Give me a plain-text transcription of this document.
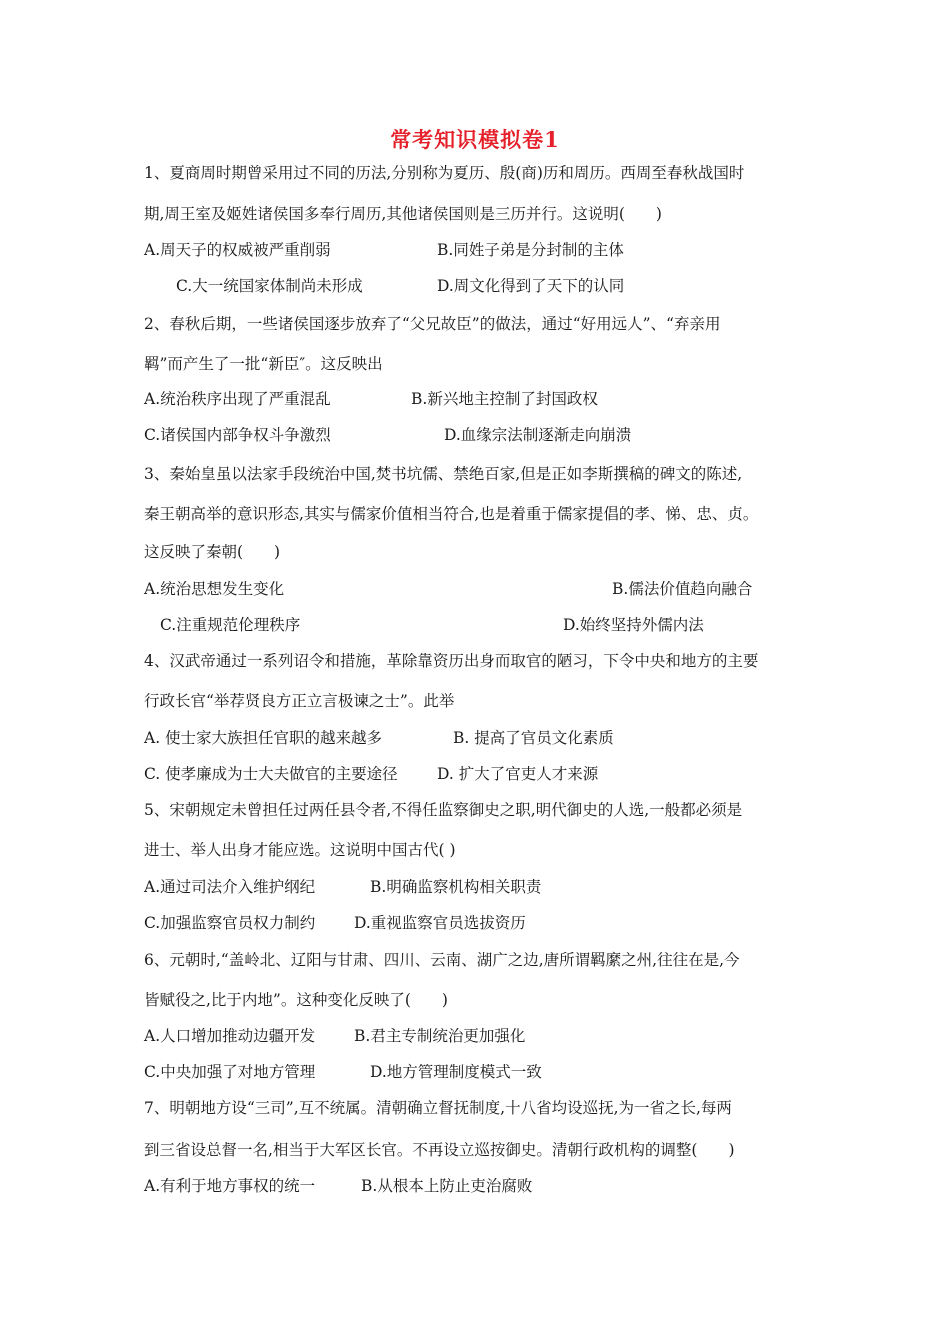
常考知识模拟卷1
1、夏商周时期曾采用过不同的历法,分别称为夏历、殷(商)历和周历。西周至春秋战国时
期,周王室及姬姓诸侯国多奉行周历,其他诸侯国则是三历并行。这说明(　　)
A.周天子的权威被严重削弱	B.同姓子弟是分封制的主体
C.大一统国家体制尚未形成	D.周文化得到了天下的认同
2、春秋后期，一些诸侯国逐步放弃了“父兄故臣”的做法，通过“好用远人”、“弃亲用
羁”而产生了一批“新臣″。这反映出
A.统治秩序出现了严重混乱	B.新兴地主控制了封国政权
C.诸侯国内部争权斗争激烈	D.血缘宗法制逐渐走向崩溃
3、秦始皇虽以法家手段统治中国,焚书坑儒、禁绝百家,但是正如李斯撰稿的碑文的陈述,
秦王朝高举的意识形态,其实与儒家价值相当符合,也是着重于儒家提倡的孝、悌、忠、贞。
这反映了秦朝(　　)
A.统治思想发生变化	B.儒法价值趋向融合
C.注重规范伦理秩序	D.始终坚持外儒内法
4、汉武帝通过一系列诏令和措施，革除靠资历出身而取官的陋习，下令中央和地方的主要
行政长官“举荐贤良方正立言极谏之士”。此举
A. 使士家大族担任官职的越来越多	B. 提高了官员文化素质
C. 使孝廉成为士大夫做官的主要途径	D. 扩大了官吏人才来源
5、宋朝规定未曾担任过两任县令者,不得任监察御史之职,明代御史的人选,一般都必须是
进士、举人出身才能应选。这说明中国古代( )
A.通过司法介入维护纲纪	B.明确监察机构相关职责
C.加强监察官员权力制约	D.重视监察官员选拔资历
6、元朝时,“盖岭北、辽阳与甘肃、四川、云南、湖广之边,唐所谓羁縻之州,往往在是,今
皆赋役之,比于内地”。这种变化反映了(　　)
A.人口增加推动边疆开发	B.君主专制统治更加强化
C.中央加强了对地方管理	D.地方管理制度模式一致
7、明朝地方设“三司”,互不统属。清朝确立督抚制度,十八省均设巡抚,为一省之长,每两
到三省设总督一名,相当于大军区长官。不再设立巡按御史。清朝行政机构的调整(　　)
A.有利于地方事权的统一	B.从根本上防止吏治腐败
